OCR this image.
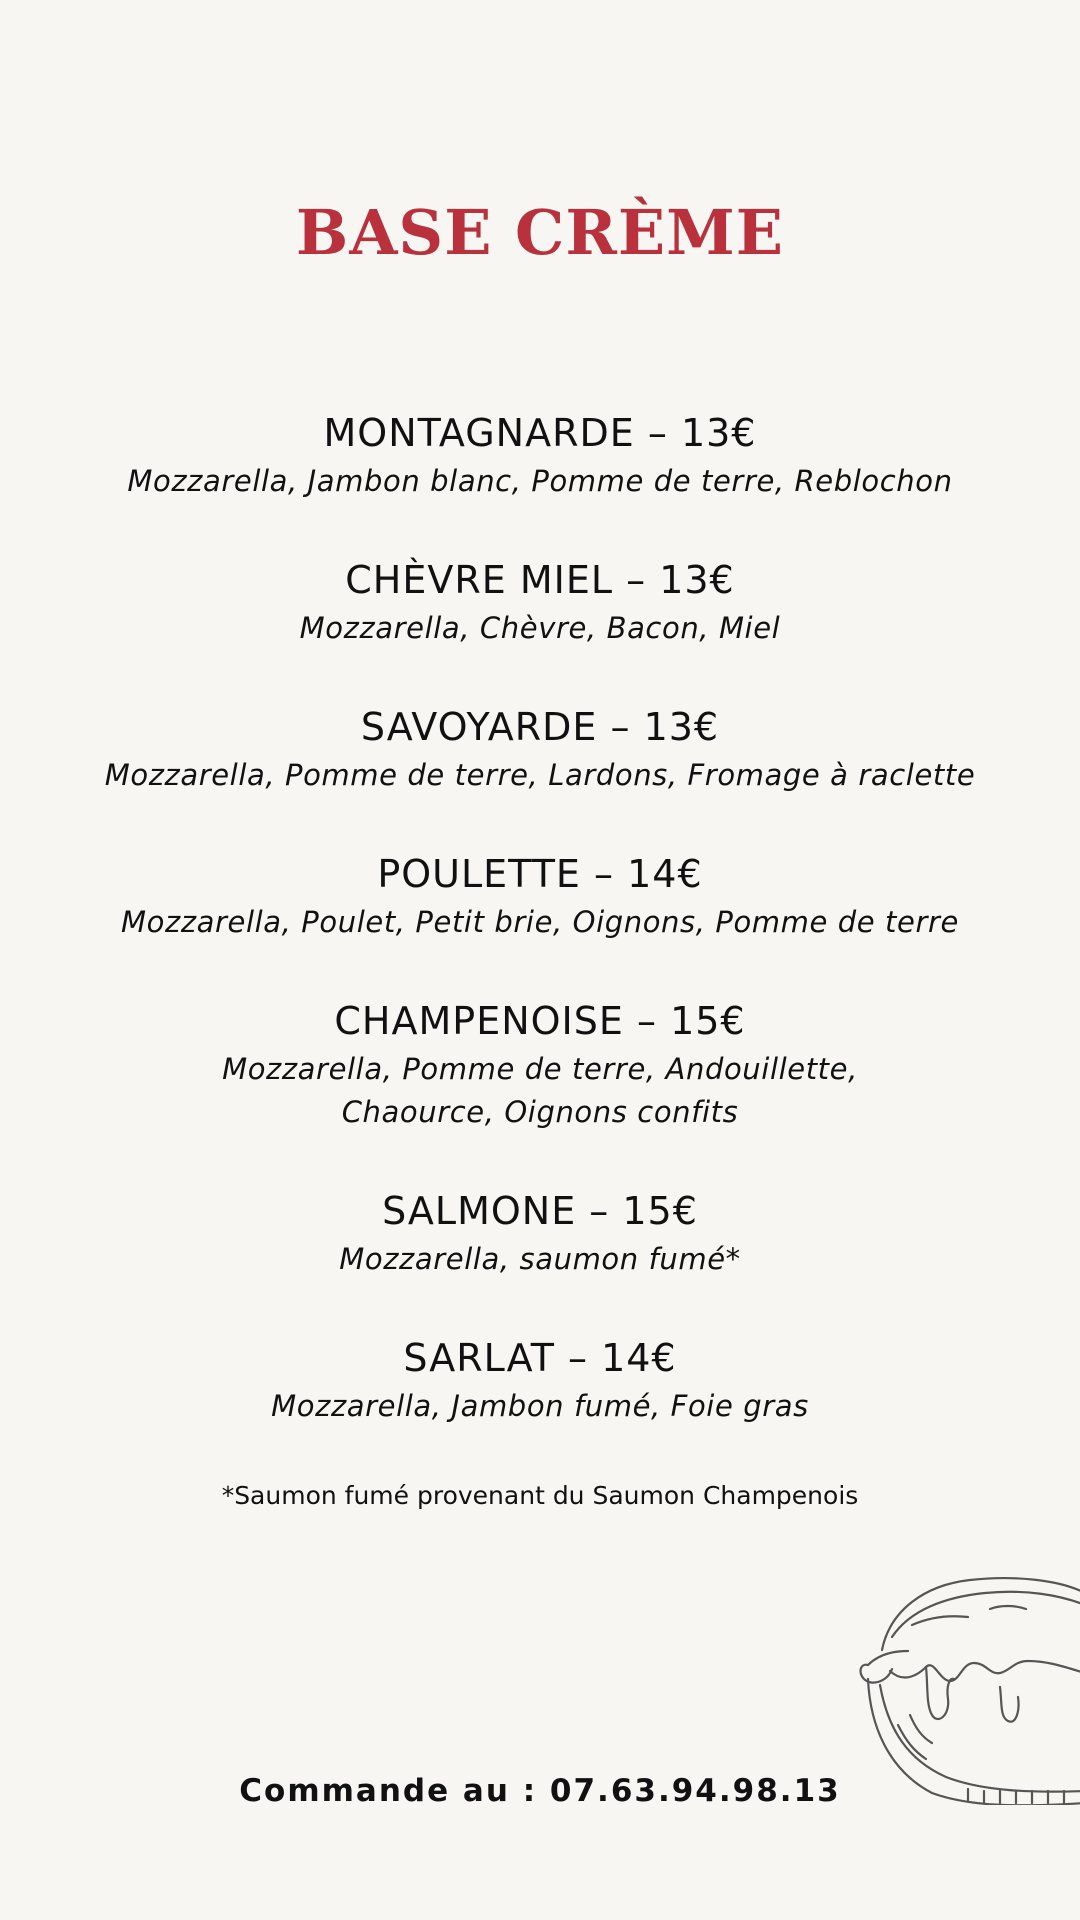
BASE CRÈME
MONTAGNARDE – 13€
Mozzarella, Jambon blanc, Pomme de terre, Reblochon
CHÈVRE MIEL – 13€
Mozzarella, Chèvre, Bacon, Miel
SAVOYARDE – 13€
Mozzarella, Pomme de terre, Lardons, Fromage à raclette
POULETTE – 14€
Mozzarella, Poulet, Petit brie, Oignons, Pomme de terre
CHAMPENOISE – 15€
Mozzarella, Pomme de terre, Andouillette, Chaource, Oignons confits
SALMONE – 15€
Mozzarella, saumon fumé*
SARLAT – 14€
Mozzarella, Jambon fumé, Foie gras
*Saumon fumé provenant du Saumon Champenois
Commande au : 07.63.94.98.13
